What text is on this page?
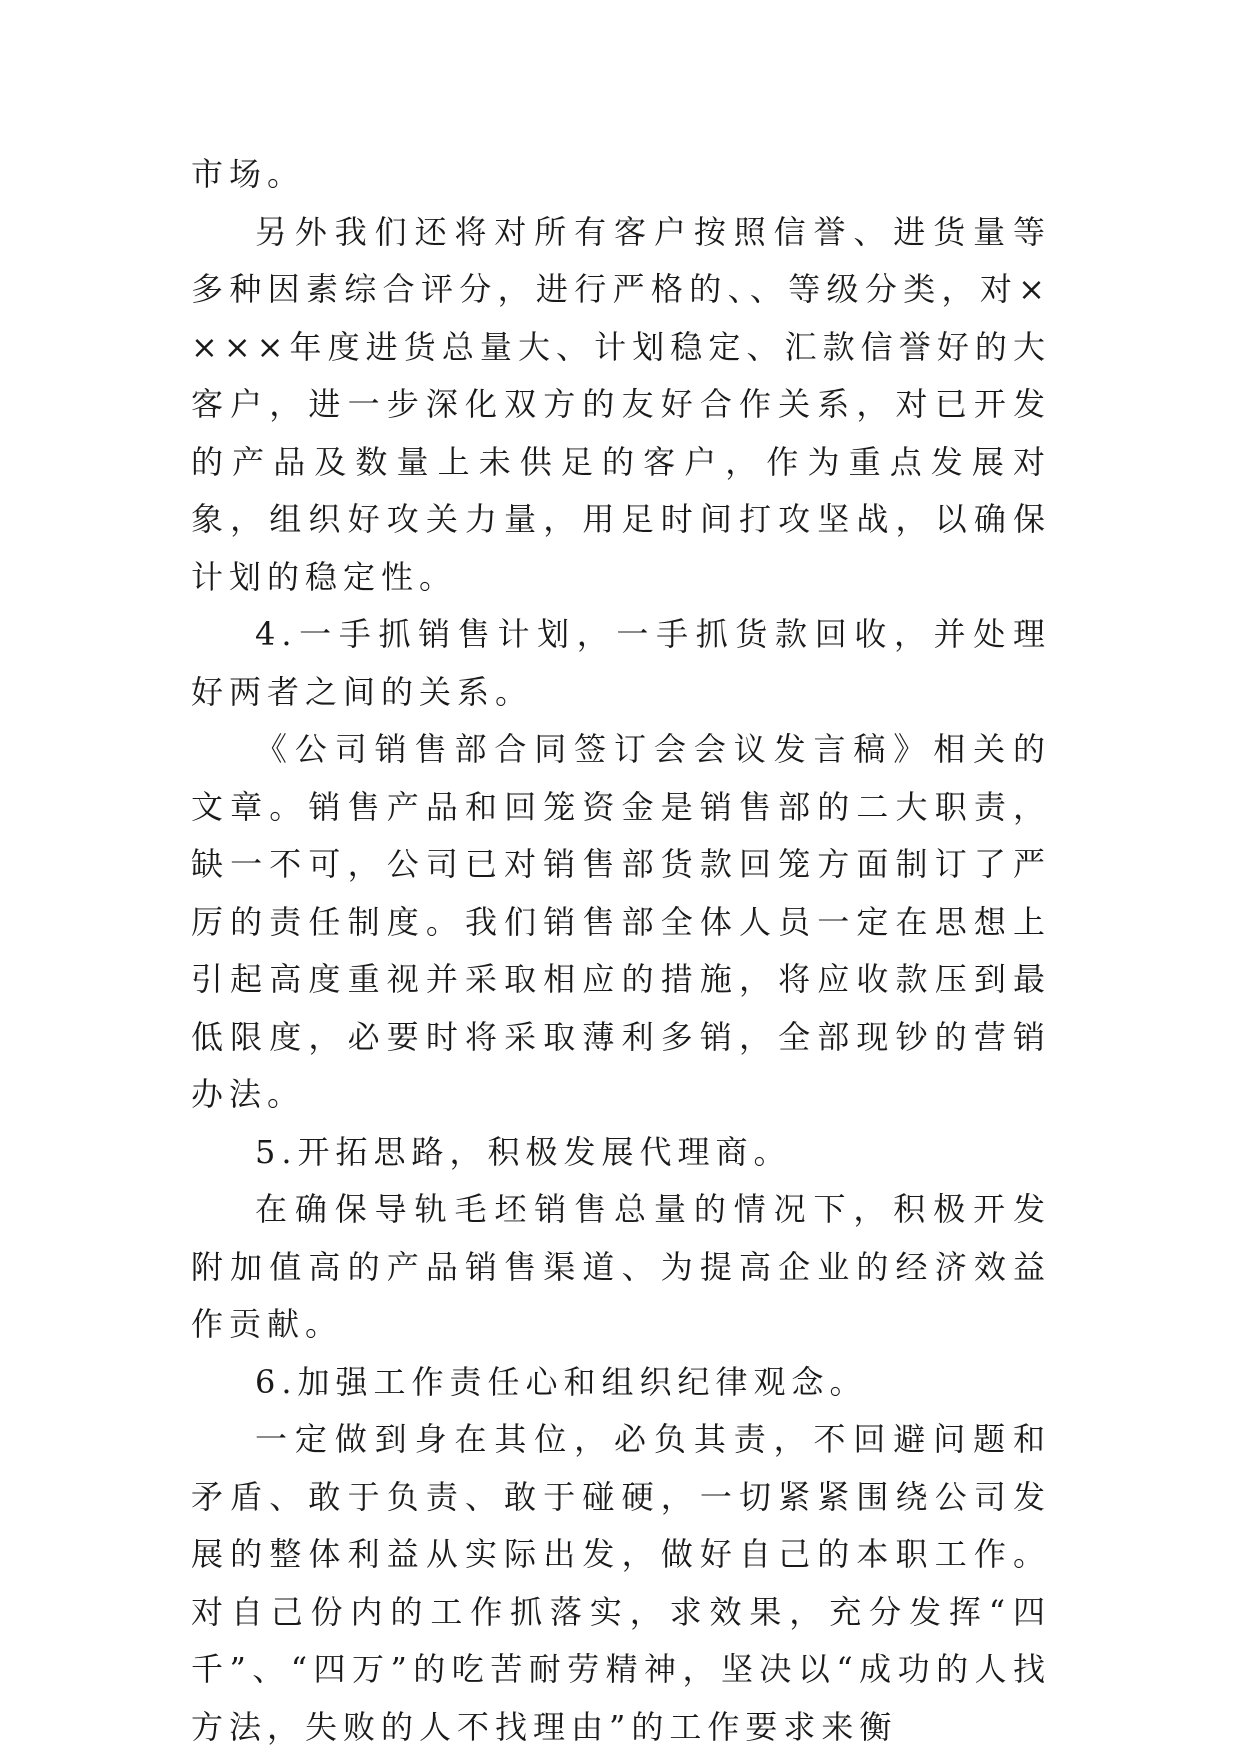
市场。

另外我们还将对所有客户按照信誉、进货量等多种因素综合评分，进行严格的、、等级分类，对××××年度进货总量大、计划稳定、汇款信誉好的大客户，进一步深化双方的友好合作关系，对已开发的产品及数量上未供足的客户，作为重点发展对象，组织好攻关力量，用足时间打攻坚战，以确保计划的稳定性。

4.一手抓销售计划，一手抓货款回收，并处理好两者之间的关系。

《公司销售部合同签订会会议发言稿》相关的文章。销售产品和回笼资金是销售部的二大职责，缺一不可，公司已对销售部货款回笼方面制订了严厉的责任制度。我们销售部全体人员一定在思想上引起高度重视并采取相应的措施，将应收款压到最低限度，必要时将采取薄利多销，全部现钞的营销办法。

5.开拓思路，积极发展代理商。

在确保导轨毛坯销售总量的情况下，积极开发附加值高的产品销售渠道、为提高企业的经济效益作贡献。

6.加强工作责任心和组织纪律观念。

一定做到身在其位，必负其责，不回避问题和矛盾、敢于负责、敢于碰硬，一切紧紧围绕公司发展的整体利益从实际出发，做好自己的本职工作。对自己份内的工作抓落实，求效果，充分发挥“四千”、“四万”的吃苦耐劳精神，坚决以“成功的人找方法，失败的人不找理由”的工作要求来衡
